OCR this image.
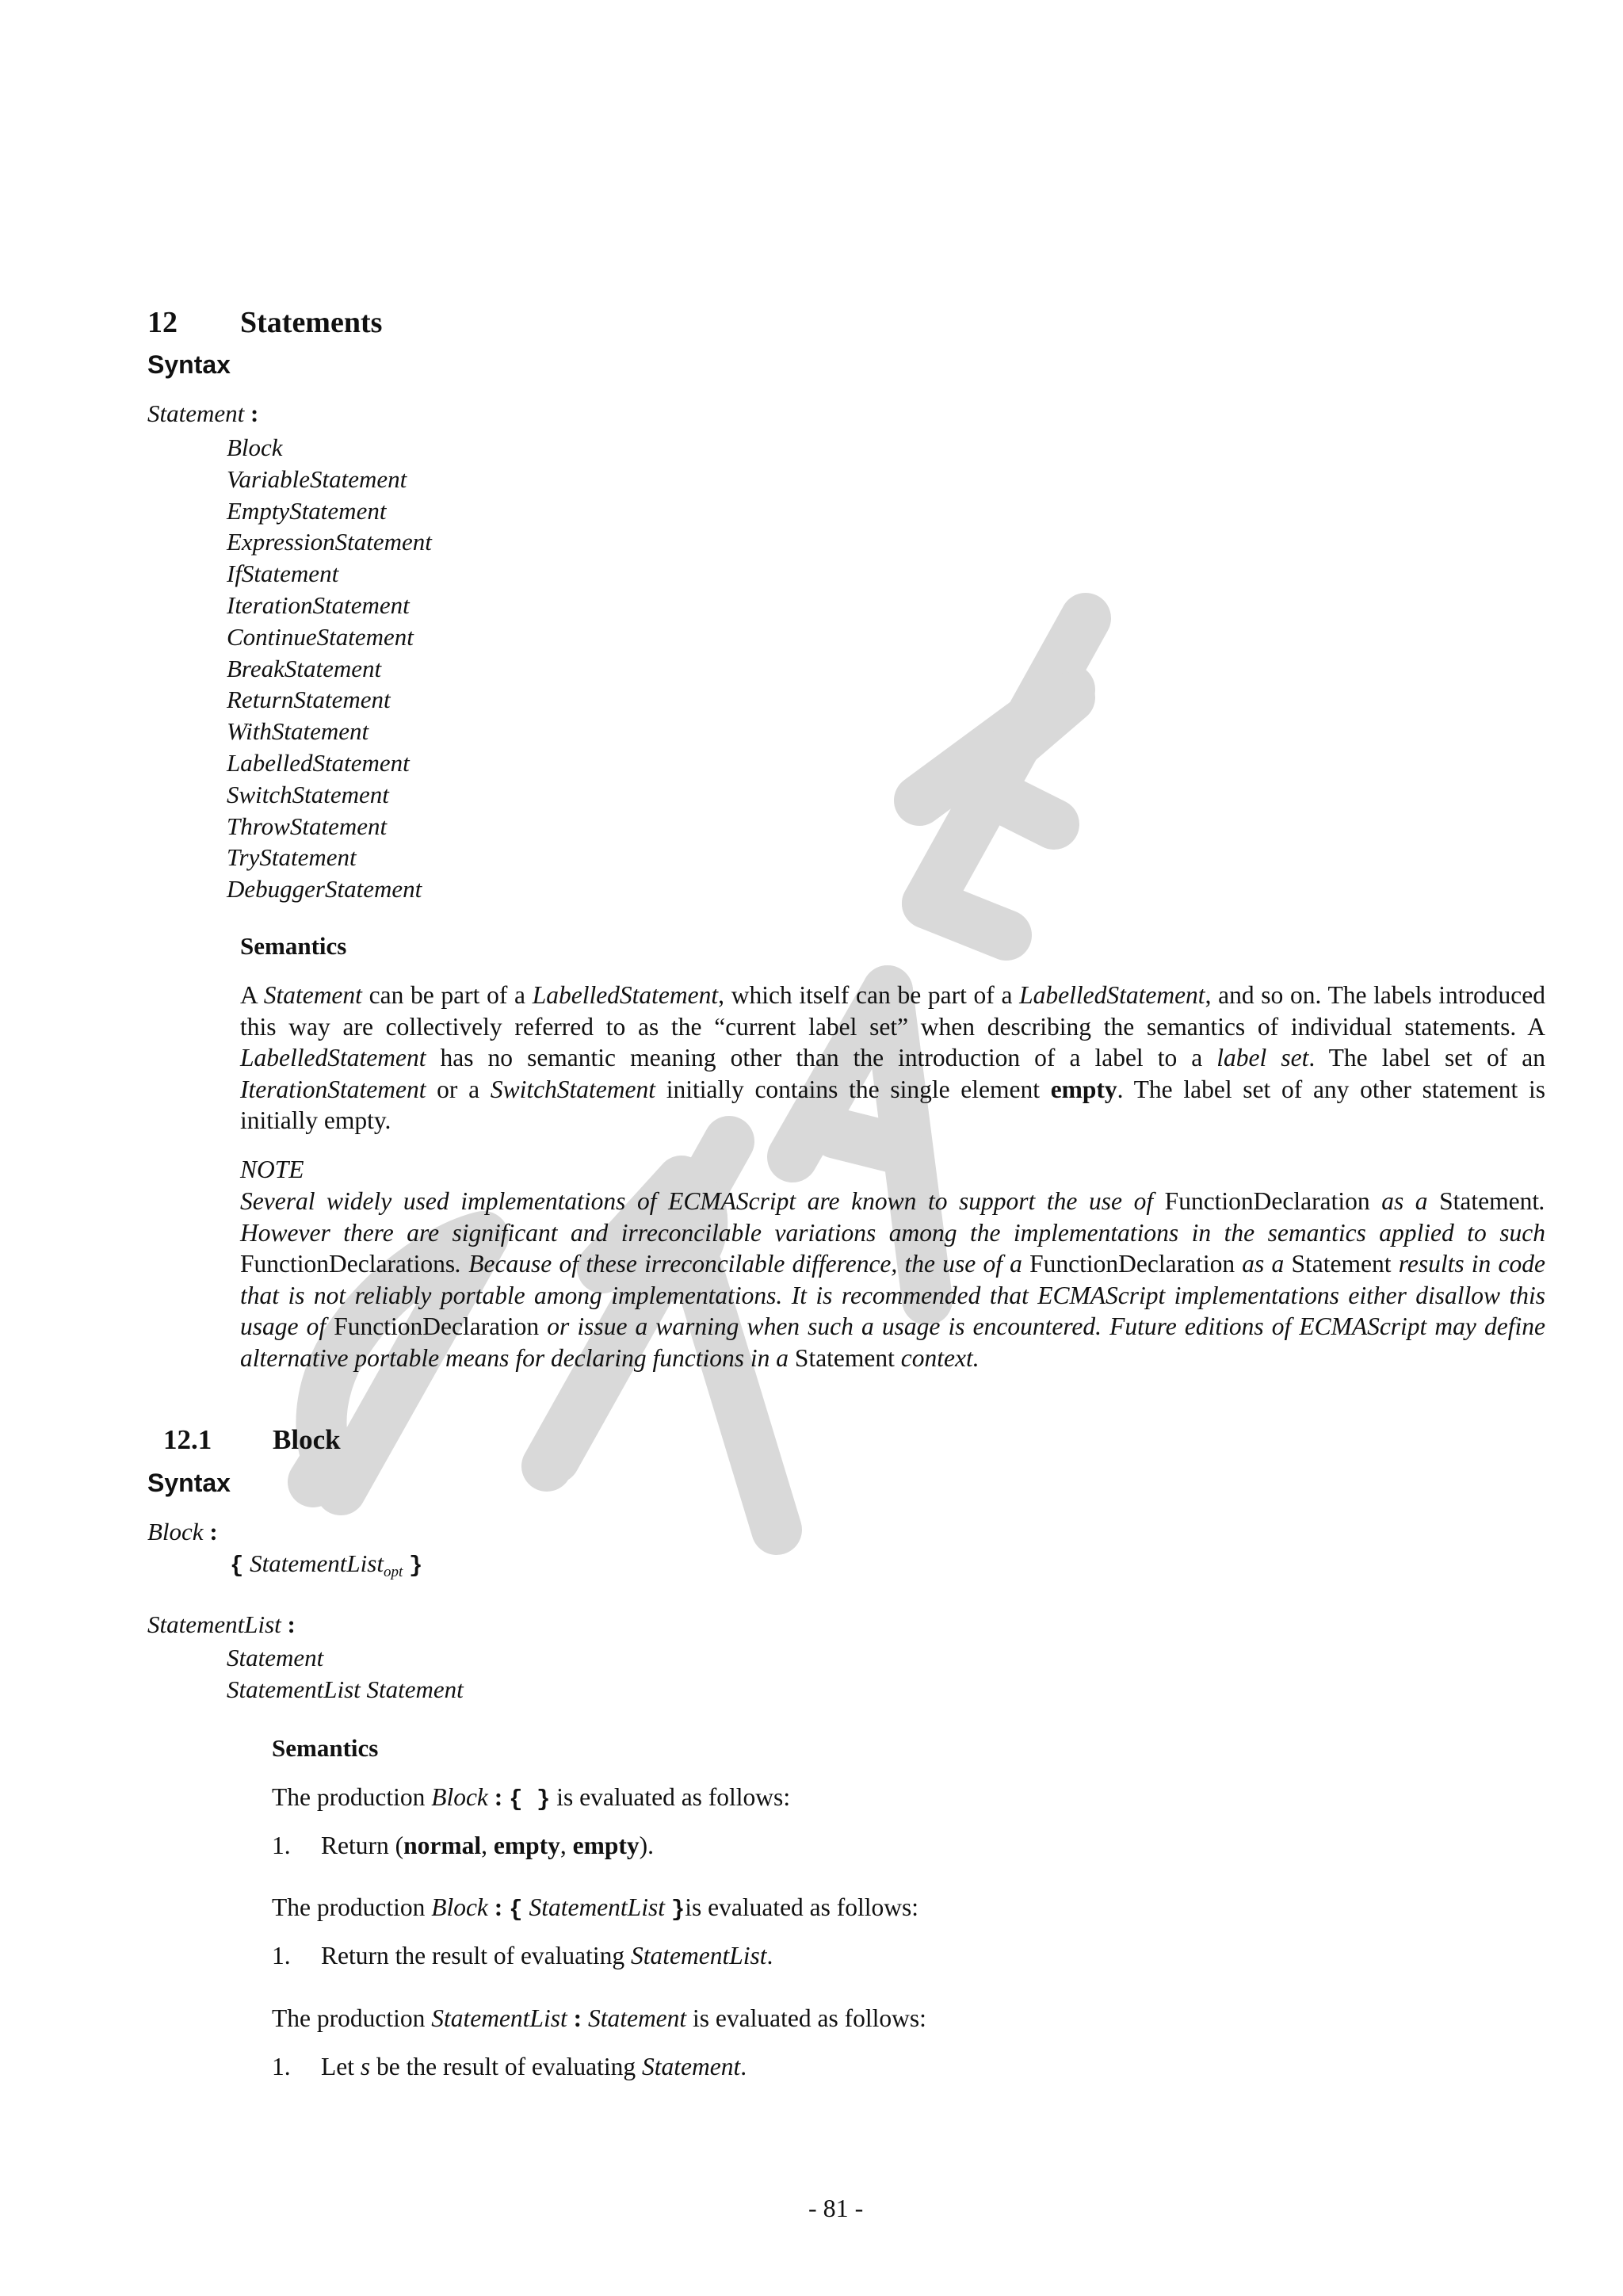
12 Statements
Syntax
Statement :
Block
VariableStatement
EmptyStatement
ExpressionStatement
IfStatement
IterationStatement
ContinueStatement
BreakStatement
ReturnStatement
WithStatement
LabelledStatement
SwitchStatement
ThrowStatement
TryStatement
DebuggerStatement
Semantics

A Statement can be part of a LabelledStatement, which itself can be part of a LabelledStatement, and so on. The labels introduced this way are collectively referred to as the “current label set” when describing the semantics of individual statements. A LabelledStatement has no semantic meaning other than the introduction of a label to a label set. The label set of an IterationStatement or a SwitchStatement initially contains the single element empty. The label set of any other statement is initially empty.

NOTE

Several widely used implementations of ECMAScript are known to support the use of FunctionDeclaration as a Statement. However there are significant and irreconcilable variations among the implementations in the semantics applied to such FunctionDeclarations. Because of these irreconcilable difference, the use of a FunctionDeclaration as a Statement results in code that is not reliably portable among implementations. It is recommended that ECMAScript implementations either disallow this usage of FunctionDeclaration or issue a warning when such a usage is encountered. Future editions of ECMAScript may define alternative portable means for declaring functions in a Statement context.

12.1 Block
Syntax
Block :
{ StatementList$_{opt}$ }
StatementList :
Statement
StatementList Statement
Semantics
The production Block : { } is evaluated as follows:
1. Return (normal, empty, empty).
The production Block : { StatementList }is evaluated as follows:
1. Return the result of evaluating StatementList.
The production StatementList : Statement is evaluated as follows:
1. Let s be the result of evaluating Statement.
- 81 -
